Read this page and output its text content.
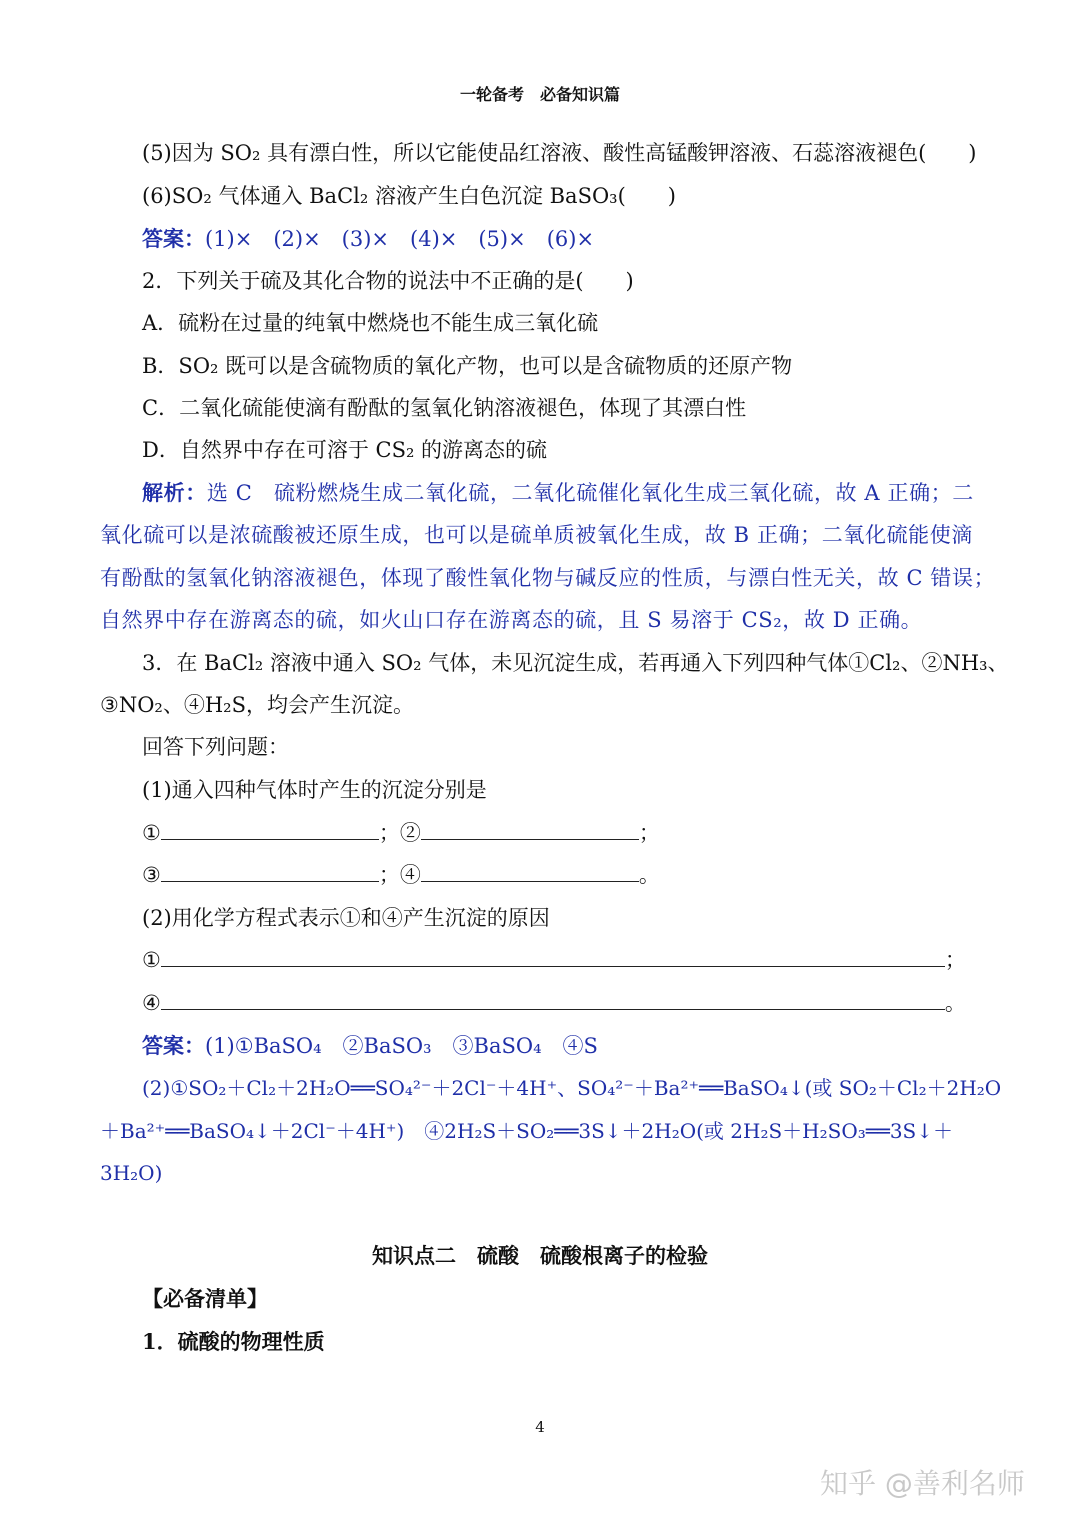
一轮备考　必备知识篇
(5)因为 SO₂ 具有漂白性，所以它能使品红溶液、酸性高锰酸钾溶液、石蕊溶液褪色(　　)
(6)SO₂ 气体通入 BaCl₂ 溶液产生白色沉淀 BaSO₃(　　)
答案：(1)×　(2)×　(3)×　(4)×　(5)×　(6)×
2．下列关于硫及其化合物的说法中不正确的是(　　)
A．硫粉在过量的纯氧中燃烧也不能生成三氧化硫
B．SO₂ 既可以是含硫物质的氧化产物，也可以是含硫物质的还原产物
C．二氧化硫能使滴有酚酞的氢氧化钠溶液褪色，体现了其漂白性
D．自然界中存在可溶于 CS₂ 的游离态的硫
解析：选 C　硫粉燃烧生成二氧化硫，二氧化硫催化氧化生成三氧化硫，故 A 正确；二
氧化硫可以是浓硫酸被还原生成，也可以是硫单质被氧化生成，故 B 正确；二氧化硫能使滴
有酚酞的氢氧化钠溶液褪色，体现了酸性氧化物与碱反应的性质，与漂白性无关，故 C 错误；
自然界中存在游离态的硫，如火山口存在游离态的硫，且 S 易溶于 CS₂，故 D 正确。
3．在 BaCl₂ 溶液中通入 SO₂ 气体，未见沉淀生成，若再通入下列四种气体①Cl₂、②NH₃、
③NO₂、④H₂S，均会产生沉淀。
回答下列问题：
(1)通入四种气体时产生的沉淀分别是
①	；②	；
③	；④	。
(2)用化学方程式表示①和④产生沉淀的原因
①	；
④	。
答案：(1)①BaSO₄　②BaSO₃　③BaSO₄　④S
(2)①SO₂＋Cl₂＋2H₂O══SO₄²⁻＋2Cl⁻＋4H⁺、SO₄²⁻＋Ba²⁺══BaSO₄↓(或 SO₂＋Cl₂＋2H₂O
＋Ba²⁺══BaSO₄↓＋2Cl⁻＋4H⁺)　④2H₂S＋SO₂══3S↓＋2H₂O(或 2H₂S＋H₂SO₃══3S↓＋
3H₂O)
知识点二　硫酸　硫酸根离子的检验
【必备清单】
1．硫酸的物理性质
4
知乎 @善利名师
